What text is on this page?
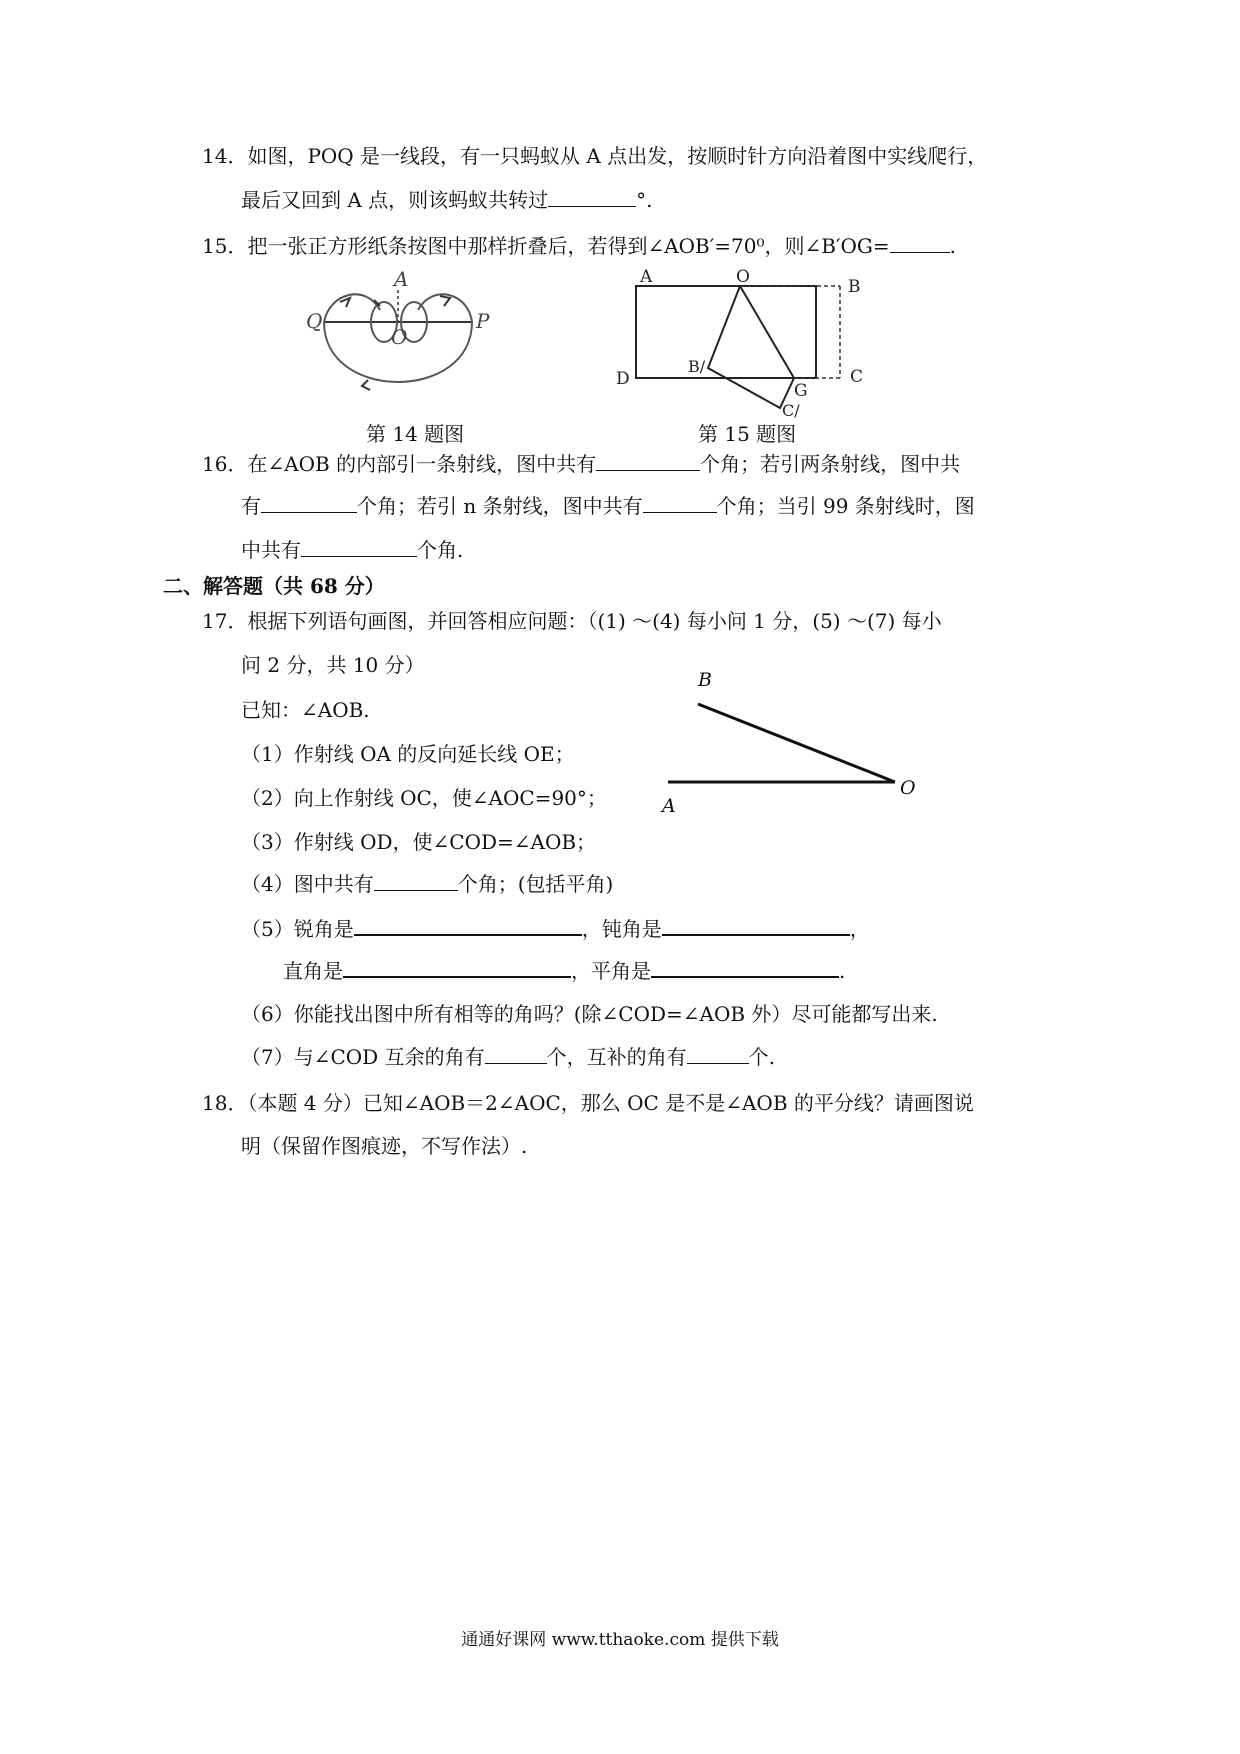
14．如图，POQ 是一线段，有一只蚂蚁从 A 点出发，按顺时针方向沿着图中实线爬行，
最后又回到 A 点，则该蚂蚁共转过	°.
15．把一张正方形纸条按图中那样折叠后，若得到∠AOB′=70⁰，则∠B′OG=	.
A
O
P
Q
第 14 题图
A	O	B
C
D
B/
G
C/
第 15 题图
16．在∠AOB 的内部引一条射线，图中共有	个角；若引两条射线，图中共
有	个角；若引 n 条射线，图中共有	个角；当引 99 条射线时，图
中共有	个角.
二、解答题（共 68 分）
17．根据下列语句画图，并回答相应问题：（(1) ～(4) 每小问 1 分，(5) ～(7) 每小
问 2 分，共 10 分）
已知：∠AOB.
（1）作射线 OA 的反向延长线 OE；
（2）向上作射线 OC，使∠AOC=90°；
（3）作射线 OD，使∠COD=∠AOB；
（4）图中共有	个角；(包括平角)
（5）锐角是	，钝角是	，
直角是	，平角是	.
（6）你能找出图中所有相等的角吗？(除∠COD=∠AOB 外）尽可能都写出来.
（7）与∠COD 互余的角有	个，互补的角有	个.
B
A
O
18．（本题 4 分）已知∠AOB＝2∠AOC，那么 OC 是不是∠AOB 的平分线？请画图说
明（保留作图痕迹，不写作法）.
通通好课网 www.tthaoke.com 提供下载
